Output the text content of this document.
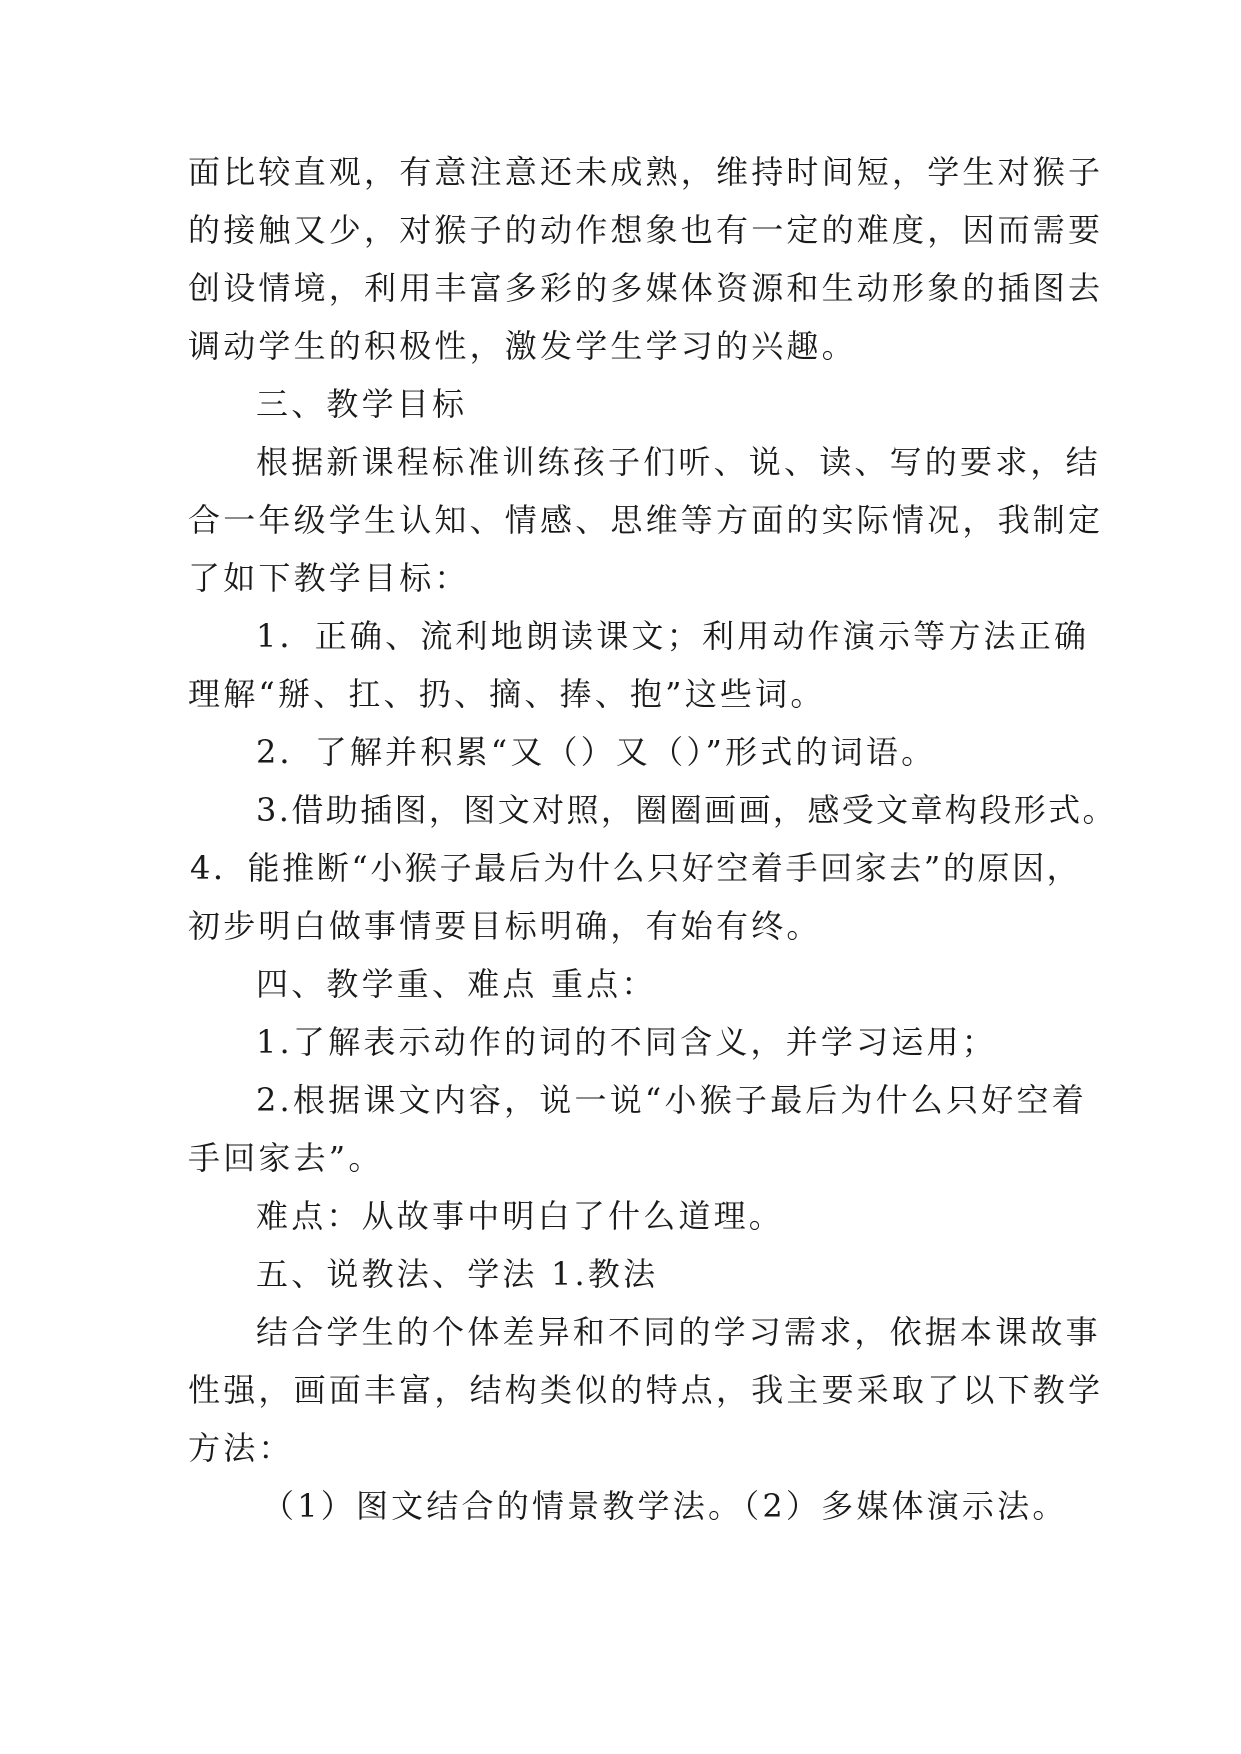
面比较直观，有意注意还未成熟，维持时间短，学生对猴子
的接触又少，对猴子的动作想象也有一定的难度，因而需要
创设情境，利用丰富多彩的多媒体资源和生动形象的插图去
调动学生的积极性，激发学生学习的兴趣。
三、教学目标
根据新课程标准训练孩子们听、说、读、写的要求，结
合一年级学生认知、情感、思维等方面的实际情况，我制定
了如下教学目标：
1．正确、流利地朗读课文；利用动作演示等方法正确
理解“掰、扛、扔、摘、捧、抱”这些词。
2．了解并积累“又（）又（）”形式的词语。
3.借助插图，图文对照，圈圈画画，感受文章构段形式。
4．能推断“小猴子最后为什么只好空着手回家去”的原因，
初步明白做事情要目标明确，有始有终。
四、教学重、难点 重点：
1.了解表示动作的词的不同含义，并学习运用；
2.根据课文内容，说一说“小猴子最后为什么只好空着
手回家去”。
难点：从故事中明白了什么道理。
五、说教法、学法 1.教法
结合学生的个体差异和不同的学习需求，依据本课故事
性强，画面丰富，结构类似的特点，我主要采取了以下教学
方法：
（1）图文结合的情景教学法。（2）多媒体演示法。
